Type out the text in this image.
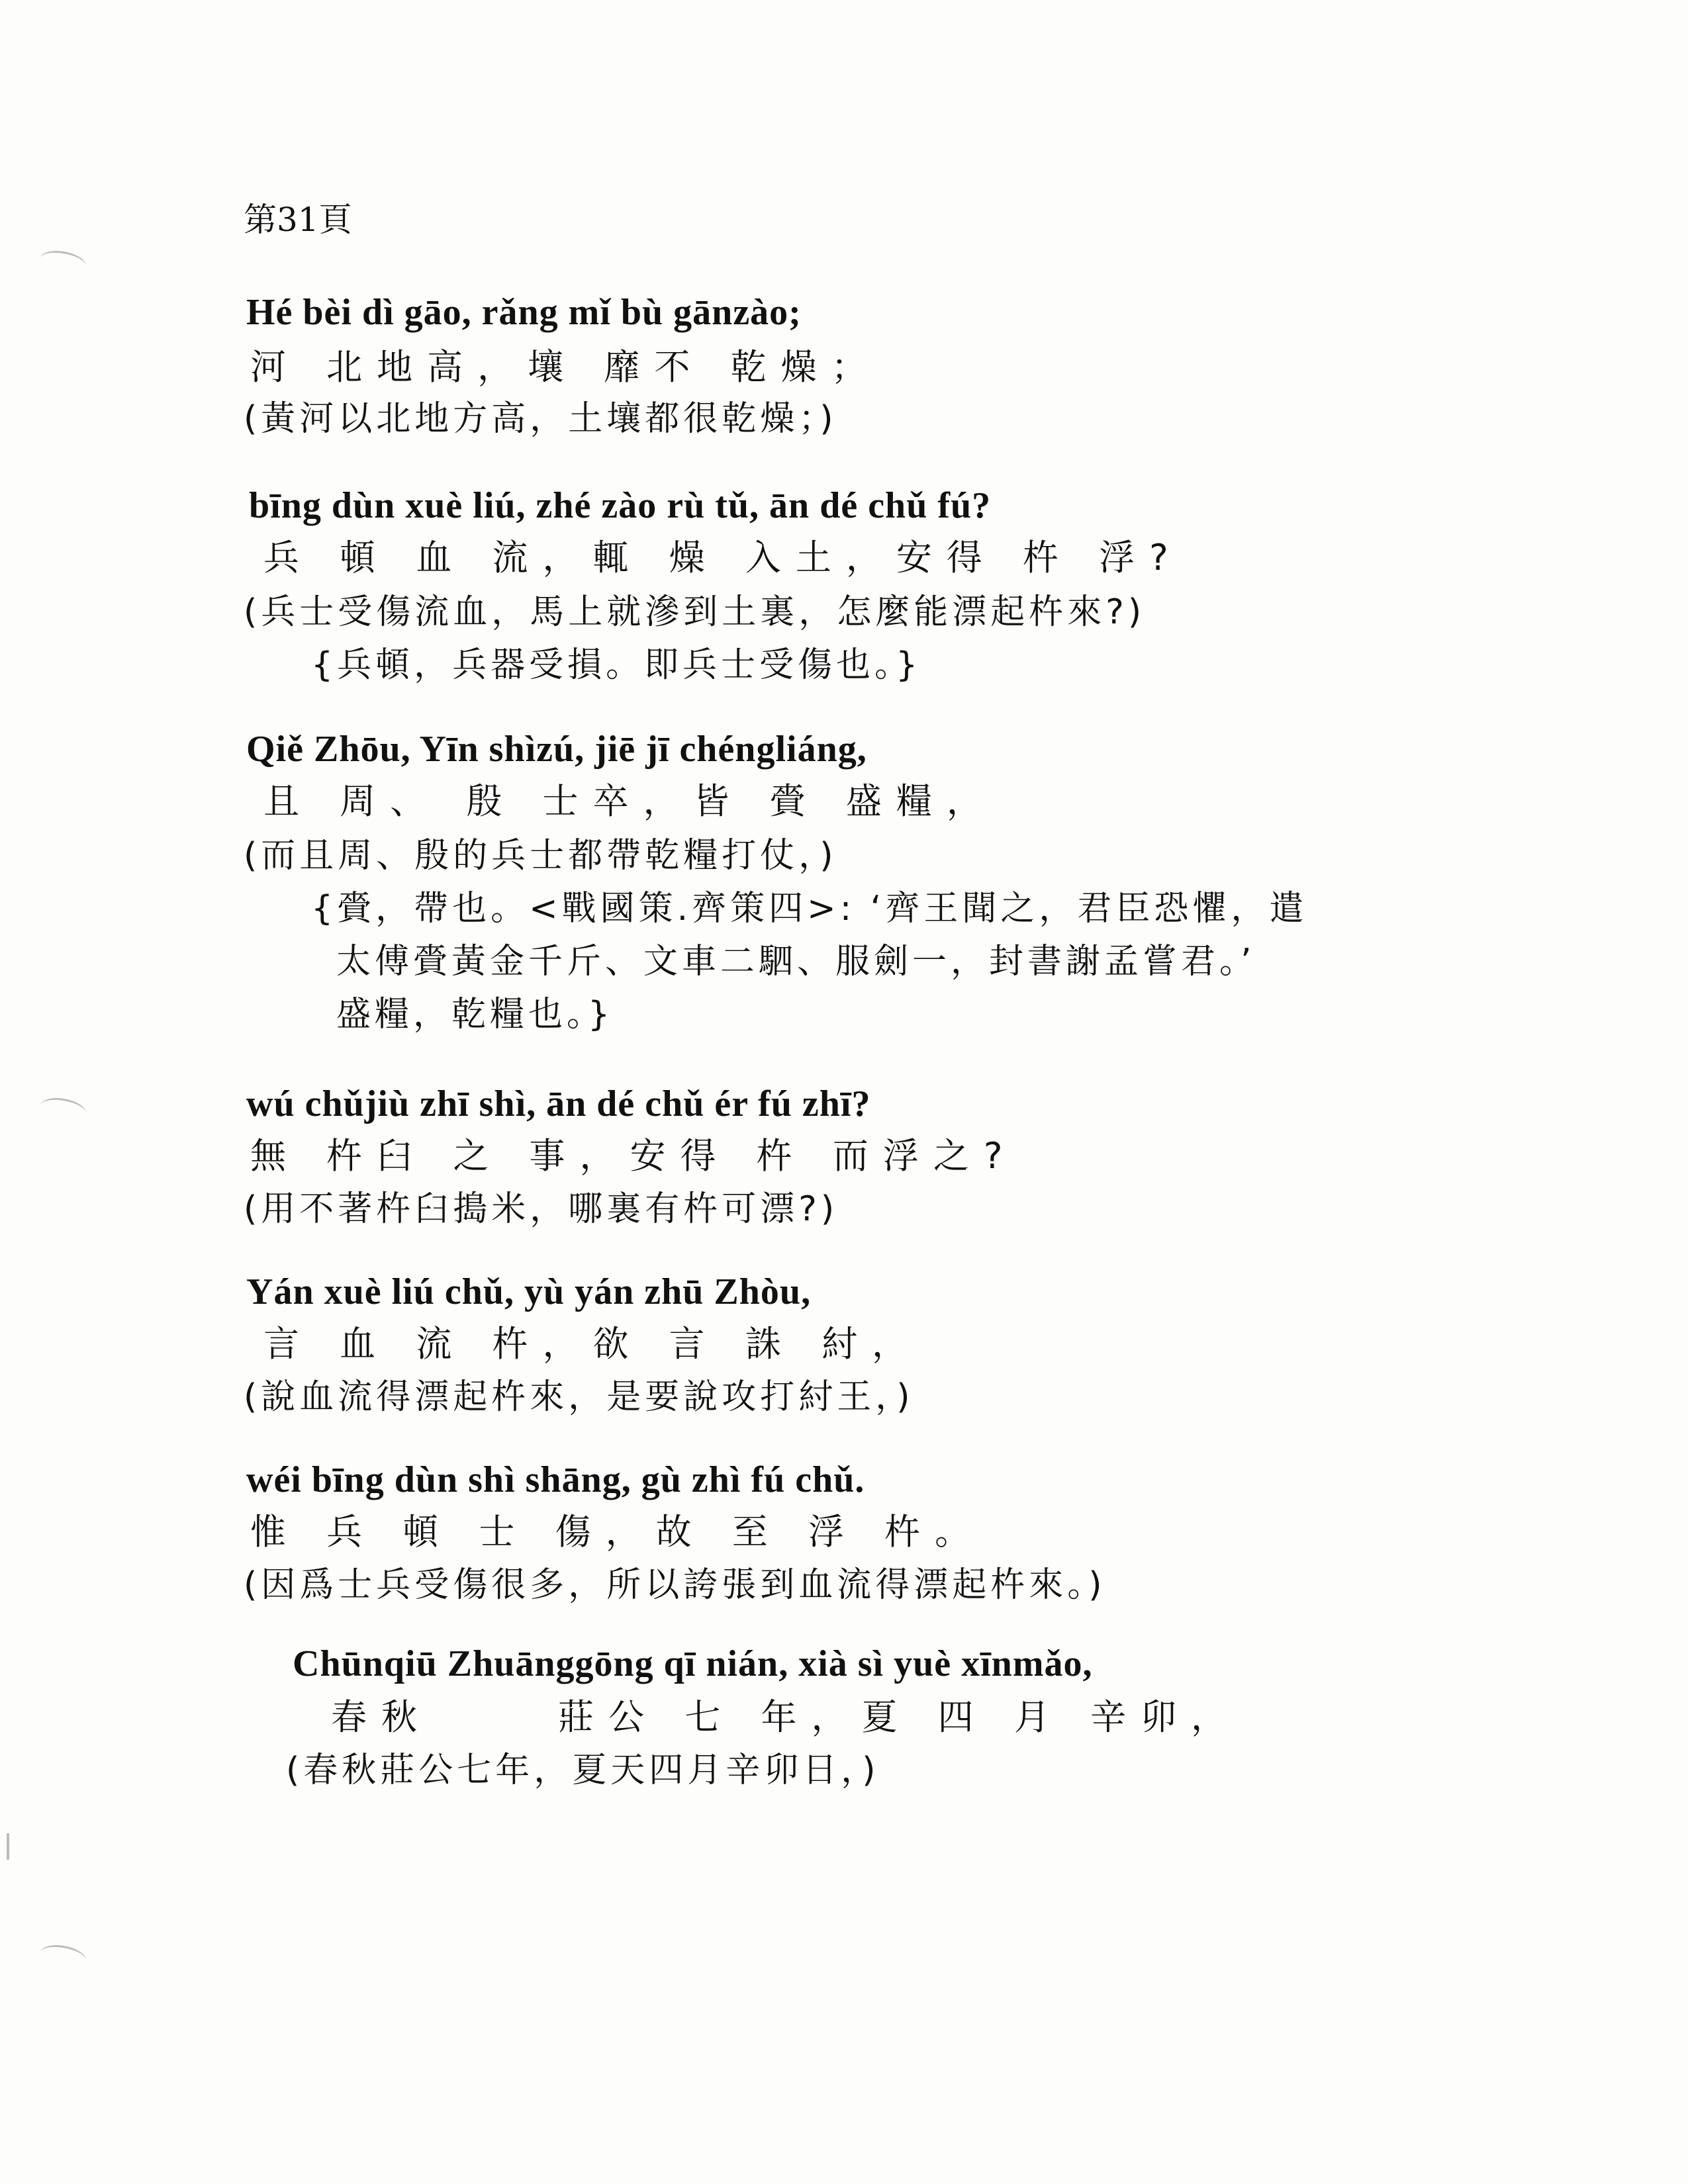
第31頁
Hé bèi dì gāo, rǎng mǐ bù gānzào;
河 北地高，壤 靡不 乾燥；
(黃河以北地方高，土壤都很乾燥；)
bīng dùn xuè liú, zhé zào rù tǔ, ān dé chǔ fú?
兵 頓 血 流，輒 燥 入土，安得 杵 浮?
(兵士受傷流血，馬上就滲到土裏，怎麼能漂起杵來?)
{兵頓，兵器受損。即兵士受傷也。}
Qiě Zhōu, Yīn shìzú, jiē jī chéngliáng,
且 周、 殷 士卒，皆 賫 盛糧，
(而且周、殷的兵士都帶乾糧打仗，)
{賫，帶也。<戰國策.齊策四>: ‘齊王聞之，君臣恐懼，遣
太傅賫黃金千斤、文車二駟、服劍一，封書謝孟嘗君。’
盛糧，乾糧也。}
wú chǔjiù zhī shì, ān dé chǔ ér fú zhī?
無 杵臼 之 事，安得 杵 而浮之?
(用不著杵臼搗米，哪裏有杵可漂?)
Yán xuè liú chǔ, yù yán zhū Zhòu,
言 血 流 杵，欲 言 誅 紂，
(說血流得漂起杵來，是要說攻打紂王，)
wéi bīng dùn shì shāng, gù zhì fú chǔ.
惟 兵 頓 士 傷，故 至 浮 杵。
(因爲士兵受傷很多，所以誇張到血流得漂起杵來。)
Chūnqiū Zhuānggōng qī nián, xià sì yuè xīnmǎo,
春秋 　　莊公 七 年，夏 四 月 辛卯，
(春秋莊公七年，夏天四月辛卯日，)
